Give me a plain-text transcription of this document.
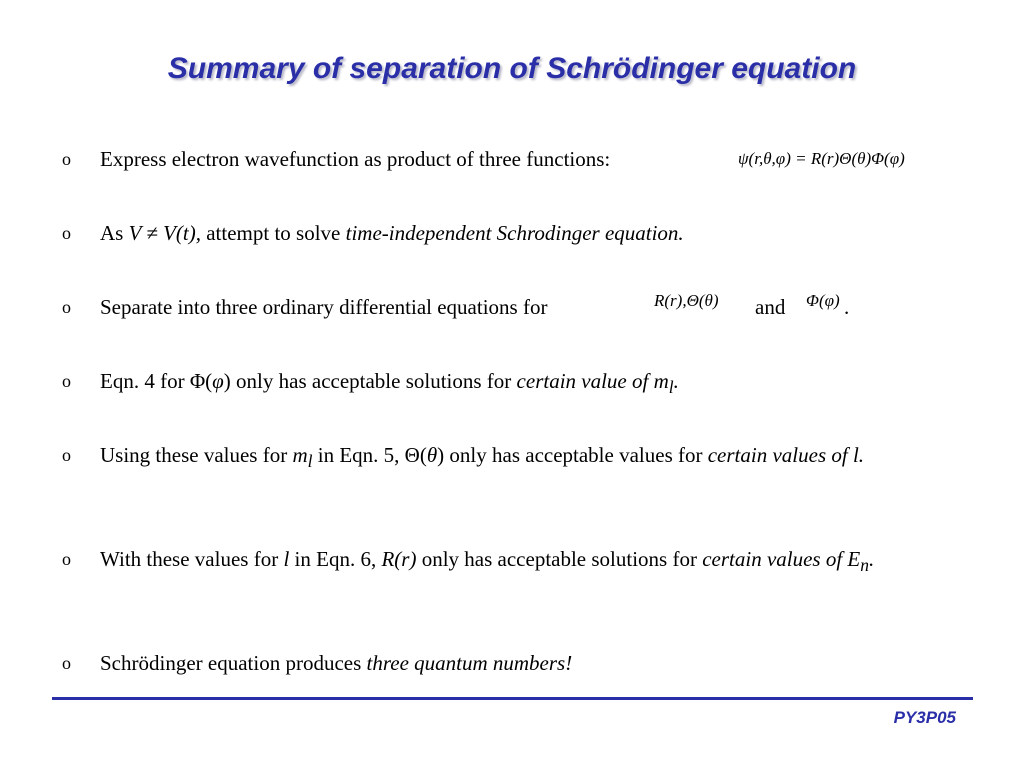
Summary of separation of Schrödinger equation
o Express electron wavefunction as product of three functions:	ψ(r,θ,φ) = R(r)Θ(θ)Φ(φ)
o As V ≠ V(t), attempt to solve time-independent Schrodinger equation.
o Separate into three ordinary differential equations for	R(r),Θ(θ) and Φ(φ) .
o Eqn. 4 for Φ(φ) only has acceptable solutions for certain value of $m_l$.
o Using these values for $m_l$ in Eqn. 5, Θ(θ) only has acceptable values for certain values of l.
o With these values for l in Eqn. 6, R(r) only has acceptable solutions for certain values of $E_n$.
o Schrödinger equation produces three quantum numbers!
PY3P05
